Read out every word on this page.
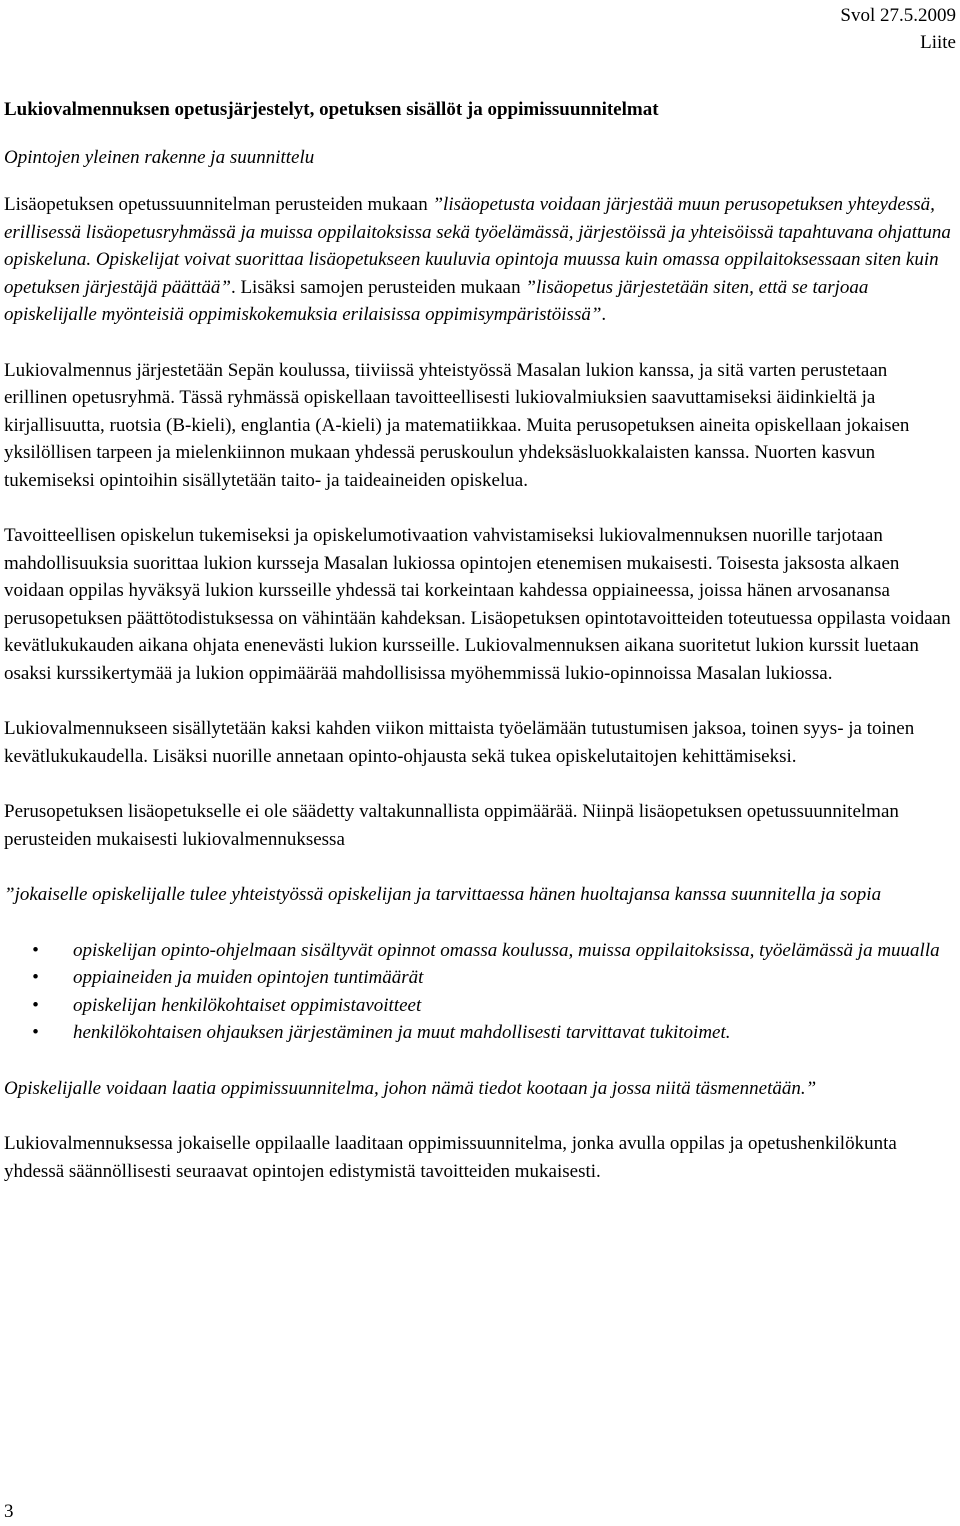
Svol 27.5.2009
Liite
Lukiovalmennuksen opetusjärjestelyt, opetuksen sisällöt ja oppimissuunnitelmat
Opintojen yleinen rakenne ja suunnittelu

Lisäopetuksen opetussuunnitelman perusteiden mukaan ”lisäopetusta voidaan järjestää muun perusopetuksen yhteydessä, erillisessä lisäopetusryhmässä ja muissa oppilaitoksissa sekä työelämässä, järjestöissä ja yhteisöissä tapahtuvana ohjattuna opiskeluna. Opiskelijat voivat suorittaa lisäopetukseen kuuluvia opintoja muussa kuin omassa oppilaitoksessaan siten kuin opetuksen järjestäjä päättää”. Lisäksi samojen perusteiden mukaan ”lisäopetus järjestetään siten, että se tarjoaa opiskelijalle myönteisiä oppimiskokemuksia erilaisissa oppimisympäristöissä”.

Lukiovalmennus järjestetään Sepän koulussa, tiiviissä yhteistyössä Masalan lukion kanssa, ja sitä varten perustetaan erillinen opetusryhmä. Tässä ryhmässä opiskellaan tavoitteellisesti lukiovalmiuksien saavuttamiseksi äidinkieltä ja kirjallisuutta, ruotsia (B-kieli), englantia (A-kieli) ja matematiikkaa. Muita perusopetuksen aineita opiskellaan jokaisen yksilöllisen tarpeen ja mielenkiinnon mukaan yhdessä peruskoulun yhdeksäsluokkalaisten kanssa. Nuorten kasvun tukemiseksi opintoihin sisällytetään taito- ja taideaineiden opiskelua.

Tavoitteellisen opiskelun tukemiseksi ja opiskelumotivaation vahvistamiseksi lukiovalmennuksen nuorille tarjotaan mahdollisuuksia suorittaa lukion kursseja Masalan lukiossa opintojen etenemisen mukaisesti. Toisesta jaksosta alkaen voidaan oppilas hyväksyä lukion kursseille yhdessä tai korkeintaan kahdessa oppiaineessa, joissa hänen arvosanansa perusopetuksen päättötodistuksessa on vähintään kahdeksan. Lisäopetuksen opintotavoitteiden toteutuessa oppilasta voidaan kevätlukukauden aikana ohjata enenevästi lukion kursseille. Lukiovalmennuksen aikana suoritetut lukion kurssit luetaan osaksi kurssikertymää ja lukion oppimäärää mahdollisissa myöhemmissä lukio-opinnoissa Masalan lukiossa.

Lukiovalmennukseen sisällytetään kaksi kahden viikon mittaista työelämään tutustumisen jaksoa, toinen syys- ja toinen kevätlukukaudella. Lisäksi nuorille annetaan opinto-ohjausta sekä tukea opiskelutaitojen kehittämiseksi.

Perusopetuksen lisäopetukselle ei ole säädetty valtakunnallista oppimäärää. Niinpä lisäopetuksen opetussuunnitelman perusteiden mukaisesti lukiovalmennuksessa

”jokaiselle opiskelijalle tulee yhteistyössä opiskelijan ja tarvittaessa hänen huoltajansa kanssa suunnitella ja sopia

• opiskelijan opinto-ohjelmaan sisältyvät opinnot omassa koulussa, muissa oppilaitoksissa, työelämässä ja muualla
• oppiaineiden ja muiden opintojen tuntimäärät
• opiskelijan henkilökohtaiset oppimistavoitteet
• henkilökohtaisen ohjauksen järjestäminen ja muut mahdollisesti tarvittavat tukitoimet.

Opiskelijalle voidaan laatia oppimissuunnitelma, johon nämä tiedot kootaan ja jossa niitä täsmennetään.”

Lukiovalmennuksessa jokaiselle oppilaalle laaditaan oppimissuunnitelma, jonka avulla oppilas ja opetushenkilökunta yhdessä säännöllisesti seuraavat opintojen edistymistä tavoitteiden mukaisesti.

3
